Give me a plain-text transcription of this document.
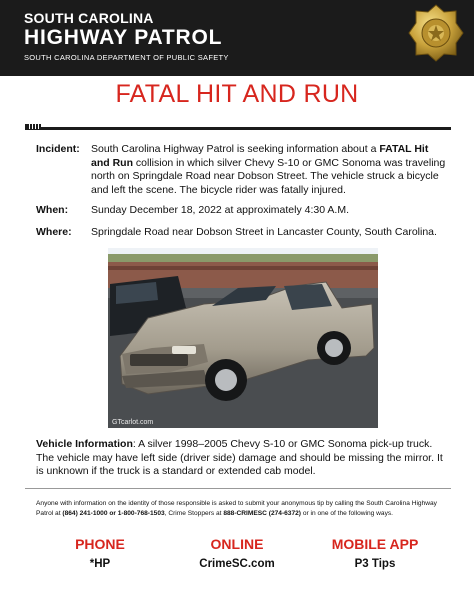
SOUTH CAROLINA
HIGHWAY PATROL
SOUTH CAROLINA DEPARTMENT OF PUBLIC SAFETY
FATAL HIT AND RUN
Incident: South Carolina Highway Patrol is seeking information about a FATAL Hit and Run collision in which silver Chevy S-10 or GMC Sonoma was traveling north on Springdale Road near Dobson Street. The vehicle struck a bicycle and left the scene. The bicycle rider was fatally injured.
When: Sunday December 18, 2022 at approximately 4:30 A.M.
Where: Springdale Road near Dobson Street in Lancaster County, South Carolina.
GTcarlot.com
Vehicle Information: A silver 1998–2005 Chevy S-10 or GMC Sonoma pick-up truck. The vehicle may have left side (driver side) damage and should be missing the mirror. It is unknown if the truck is a standard or extended cab model.
Anyone with information on the identity of those responsible is asked to submit your anonymous tip by calling the South Carolina Highway Patrol at (864) 241-1000 or 1-800-768-1503, Crime Stoppers at 888-CRIMESC (274-6372) or in one of the following ways.
PHONE
*HP
ONLINE
CrimeSC.com
MOBILE APP
P3 Tips
